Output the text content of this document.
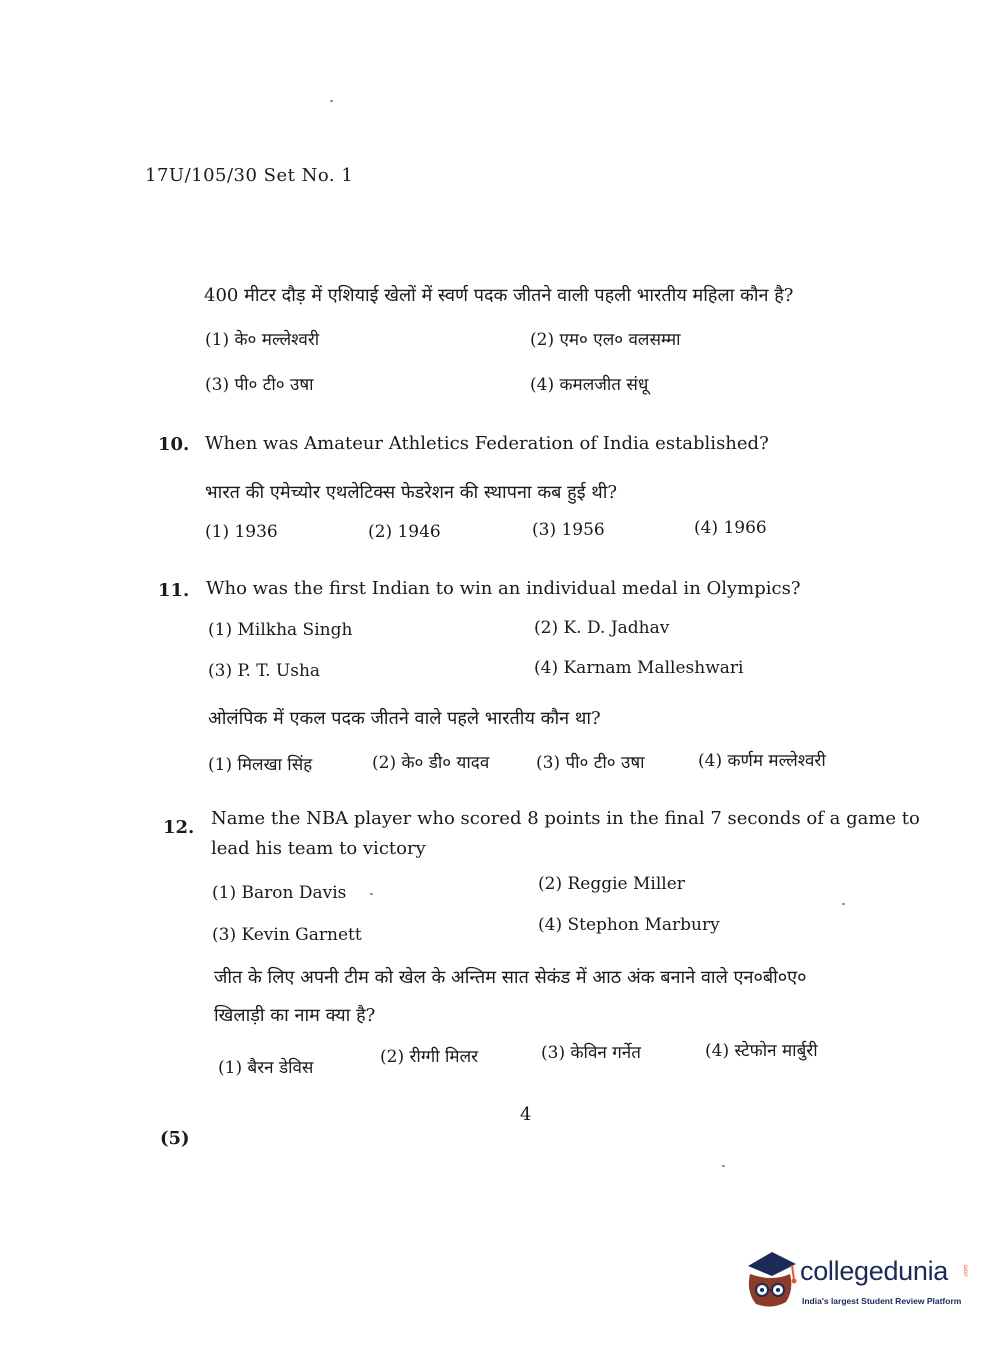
17U/105/30 Set No. 1
400 मीटर दौड़ में एशियाई खेलों में स्वर्ण पदक जीतने वाली पहली भारतीय महिला कौन है?
(1) के० मल्लेश्वरी	(2) एम० एल० वलसम्मा
(3) पी० टी० उषा	(4) कमलजीत संधू
10. When was Amateur Athletics Federation of India established?
भारत की एमेच्योर एथलेटिक्स फेडरेशन की स्थापना कब हुई थी?
(1) 1936	(2) 1946	(3) 1956	(4) 1966
11. Who was the first Indian to win an individual medal in Olympics?
(1) Milkha Singh	(2) K. D. Jadhav
(3) P. T. Usha	(4) Karnam Malleshwari
ओलंपिक में एकल पदक जीतने वाले पहले भारतीय कौन था?
(1) मिलखा सिंह	(2) के० डी० यादव	(3) पी० टी० उषा	(4) कर्णम मल्लेश्वरी
12. Name the NBA player who scored 8 points in the final 7 seconds of a game to
lead his team to victory
(1) Baron Davis	(2) Reggie Miller
(3) Kevin Garnett	(4) Stephon Marbury
जीत के लिए अपनी टीम को खेल के अन्तिम सात सेकंड में आठ अंक बनाने वाले एन०बी०ए०
खिलाड़ी का नाम क्या है?
(1) बैरन डेविस
(2) रीग्गी मिलर	(3) केविन गर्नेत	(4) स्टेफोन मार्बुरी
4
(5)
collegedunia	.com
India's largest Student Review Platform
